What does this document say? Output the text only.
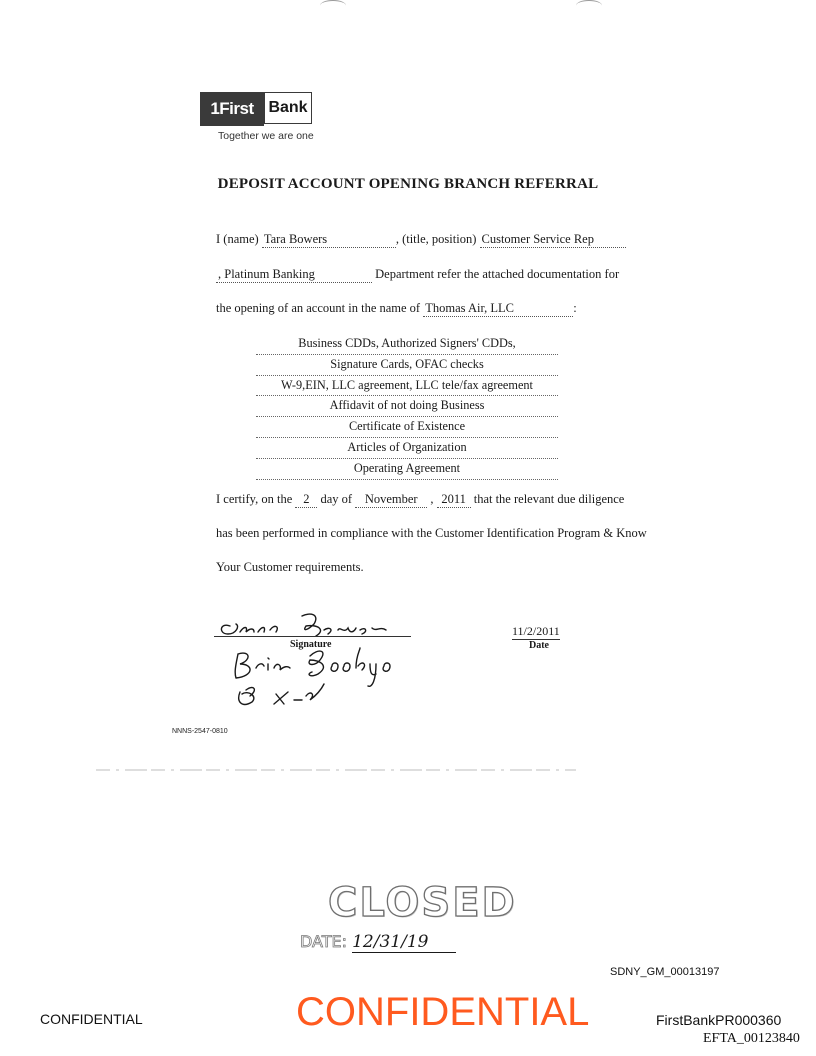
1First Bank
Together we are one
DEPOSIT ACCOUNT OPENING BRANCH REFERRAL
I (name) Tara Bowers	, (title, position) Customer Service Rep
, Platinum Banking	Department refer the attached documentation for
the opening of an account in the name of Thomas Air, LLC	:
Business CDDs, Authorized Signers' CDDs,
Signature Cards, OFAC checks
W-9,EIN, LLC agreement, LLC tele/fax agreement
Affidavit of not doing Business
Certificate of Existence
Articles of Organization
Operating Agreement
I certify, on the 2 day of November , 2011 that the relevant due diligence
has been performed in compliance with the Customer Identification Program & Know
Your Customer requirements.
Signature
11/2/2011
Date
NNNS-2547-0810
CLOSED
DATE: 12/31/19
CONFIDENTIAL	CONFIDENTIAL
SDNY_GM_00013197
FirstBankPR000360
EFTA_00123840
